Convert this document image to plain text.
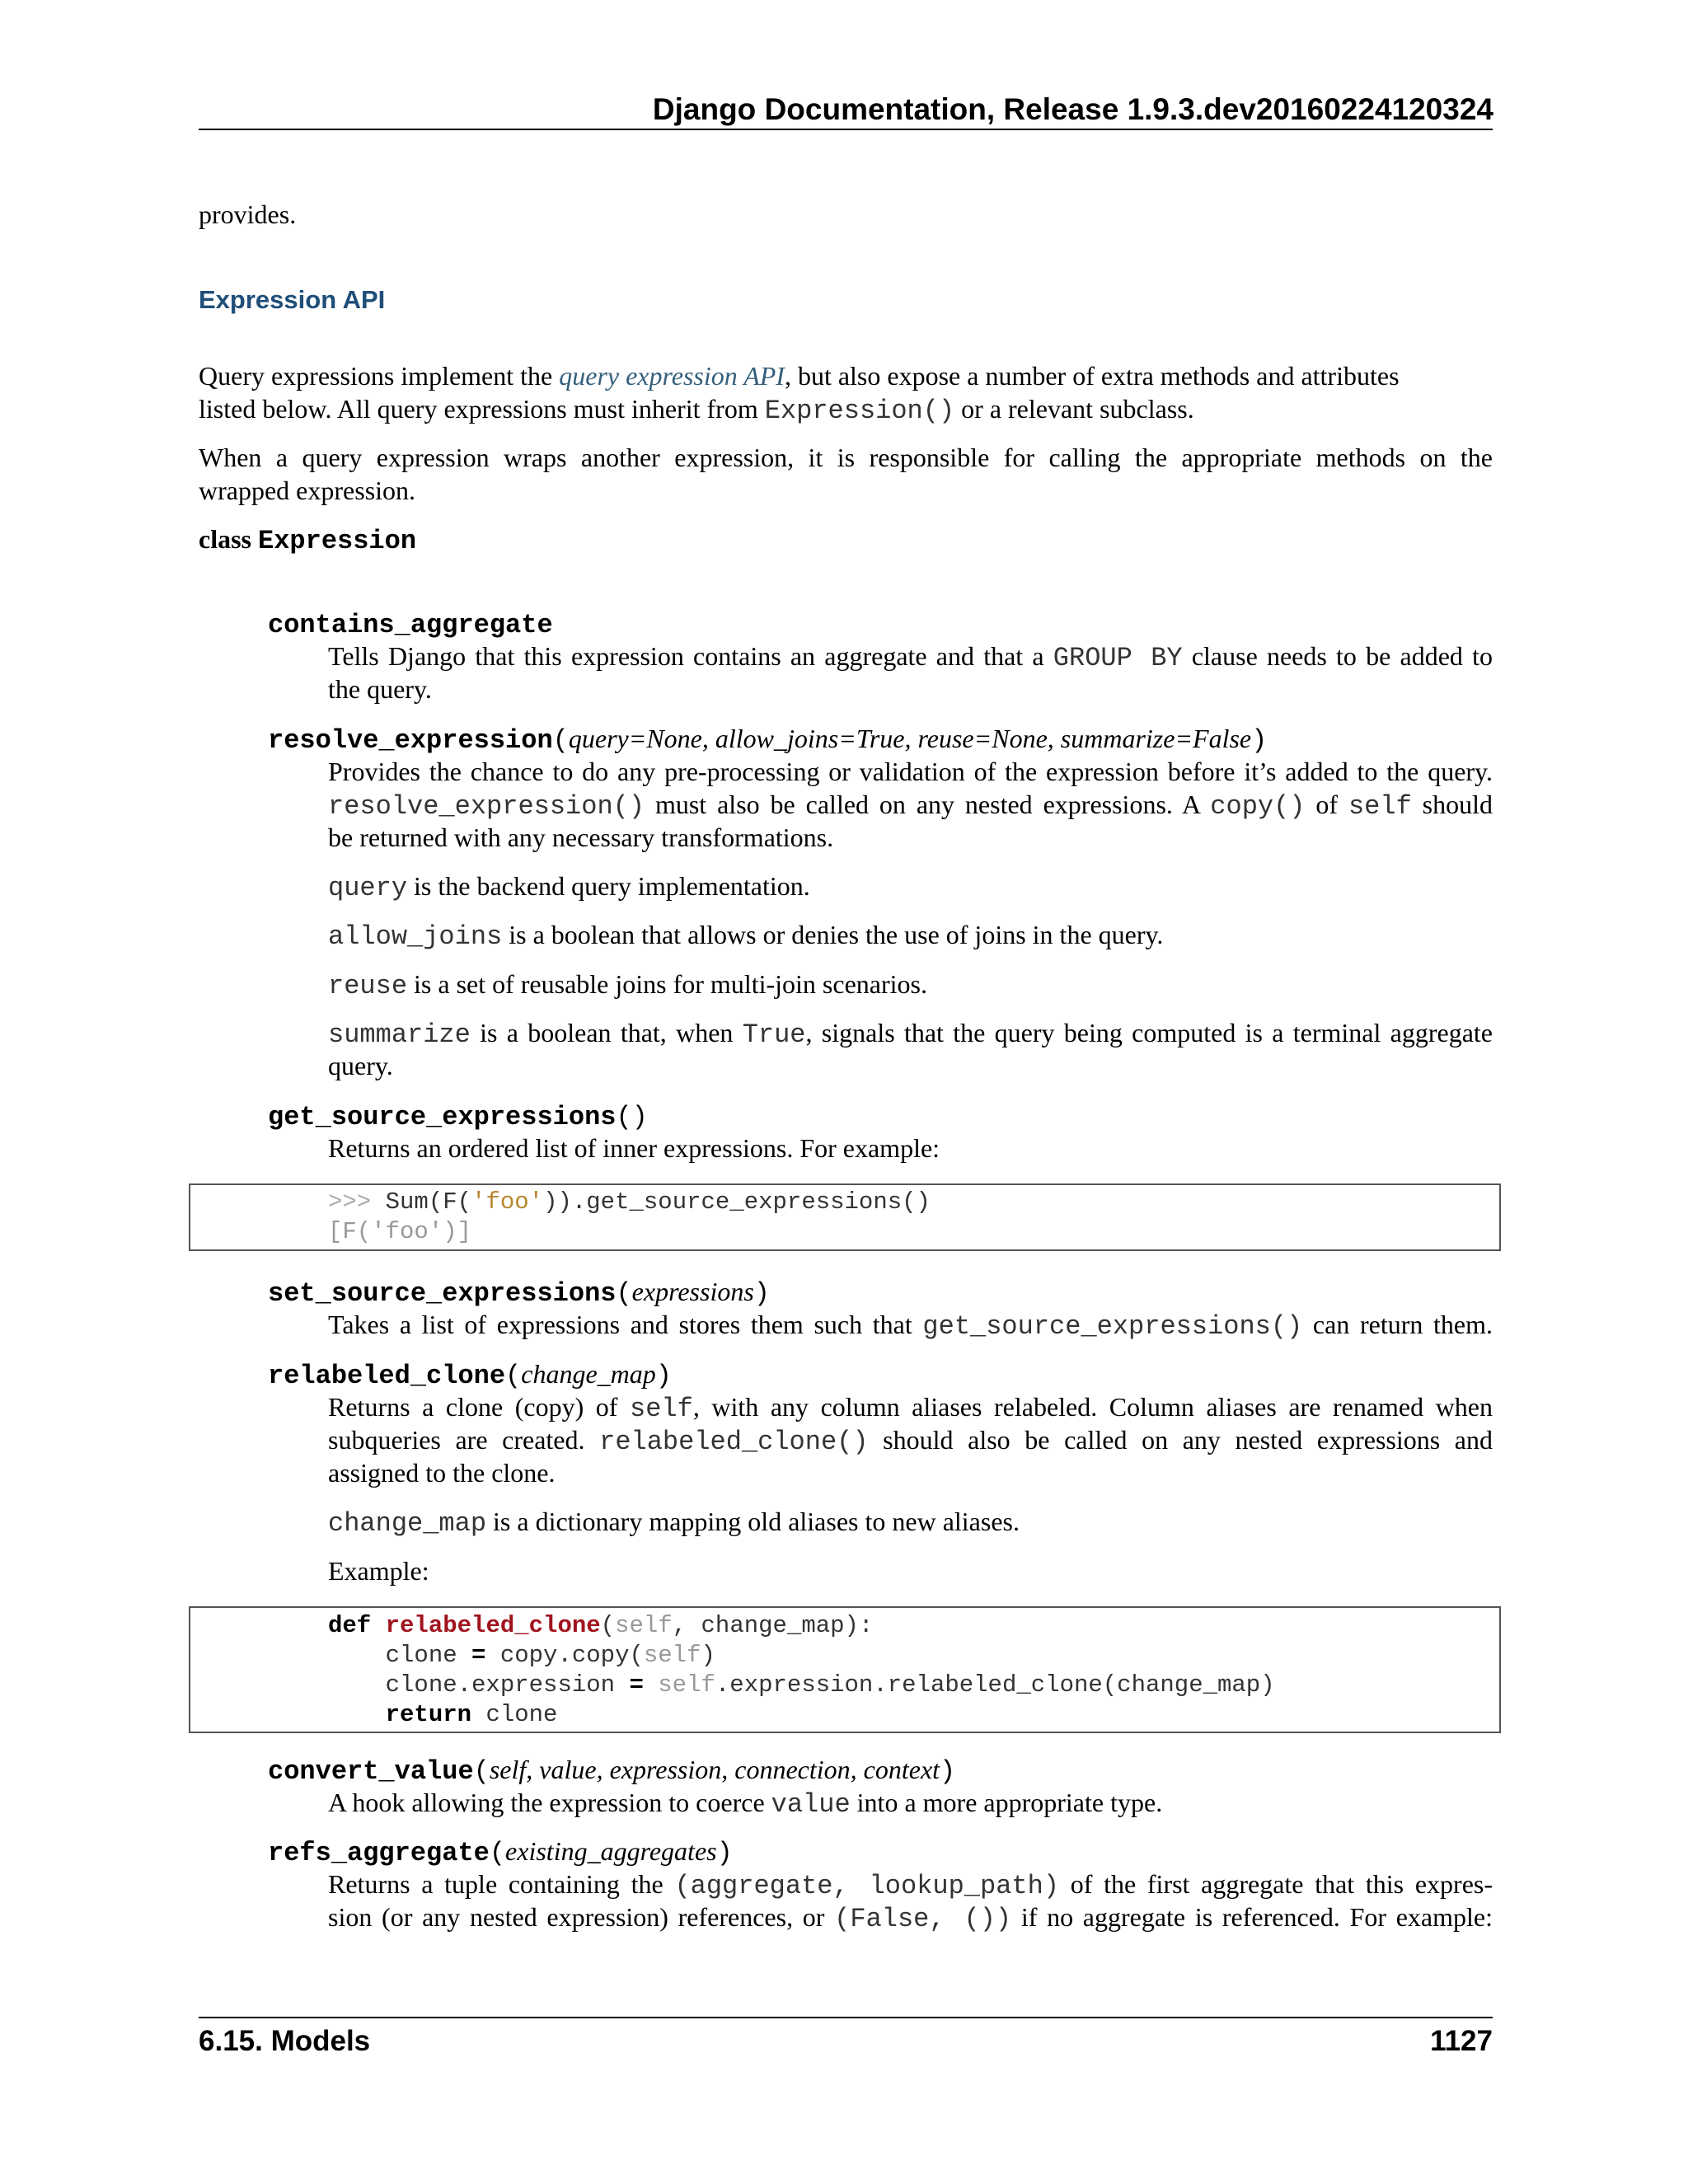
Django Documentation, Release 1.9.3.dev20160224120324
provides.
Expression API
Query expressions implement the query expression API, but also expose a number of extra methods and attributes
listed below. All query expressions must inherit from Expression() or a relevant subclass.
When a query expression wraps another expression, it is responsible for calling the appropriate methods on the
wrapped expression.
class Expression
contains_aggregate
Tells Django that this expression contains an aggregate and that a GROUP BY clause needs to be added to
the query.
resolve_expression(query=None, allow_joins=True, reuse=None, summarize=False)
Provides the chance to do any pre-processing or validation of the expression before it’s added to the query.
resolve_expression() must also be called on any nested expressions. A copy() of self should
be returned with any necessary transformations.
query is the backend query implementation.
allow_joins is a boolean that allows or denies the use of joins in the query.
reuse is a set of reusable joins for multi-join scenarios.
summarize is a boolean that, when True, signals that the query being computed is a terminal aggregate
query.
get_source_expressions()
Returns an ordered list of inner expressions. For example:
>>> Sum(F('foo')).get_source_expressions()
[F('foo')]
set_source_expressions(expressions)
Takes a list of expressions and stores them such that get_source_expressions() can return them.
relabeled_clone(change_map)
Returns a clone (copy) of self, with any column aliases relabeled. Column aliases are renamed when
subqueries are created. relabeled_clone() should also be called on any nested expressions and
assigned to the clone.
change_map is a dictionary mapping old aliases to new aliases.
Example:
def relabeled_clone(self, change_map):
clone = copy.copy(self)
clone.expression = self.expression.relabeled_clone(change_map)
return clone
convert_value(self, value, expression, connection, context)
A hook allowing the expression to coerce value into a more appropriate type.
refs_aggregate(existing_aggregates)
Returns a tuple containing the (aggregate, lookup_path) of the first aggregate that this expres-
sion (or any nested expression) references, or (False, ()) if no aggregate is referenced. For example:
6.15. Models	1127
